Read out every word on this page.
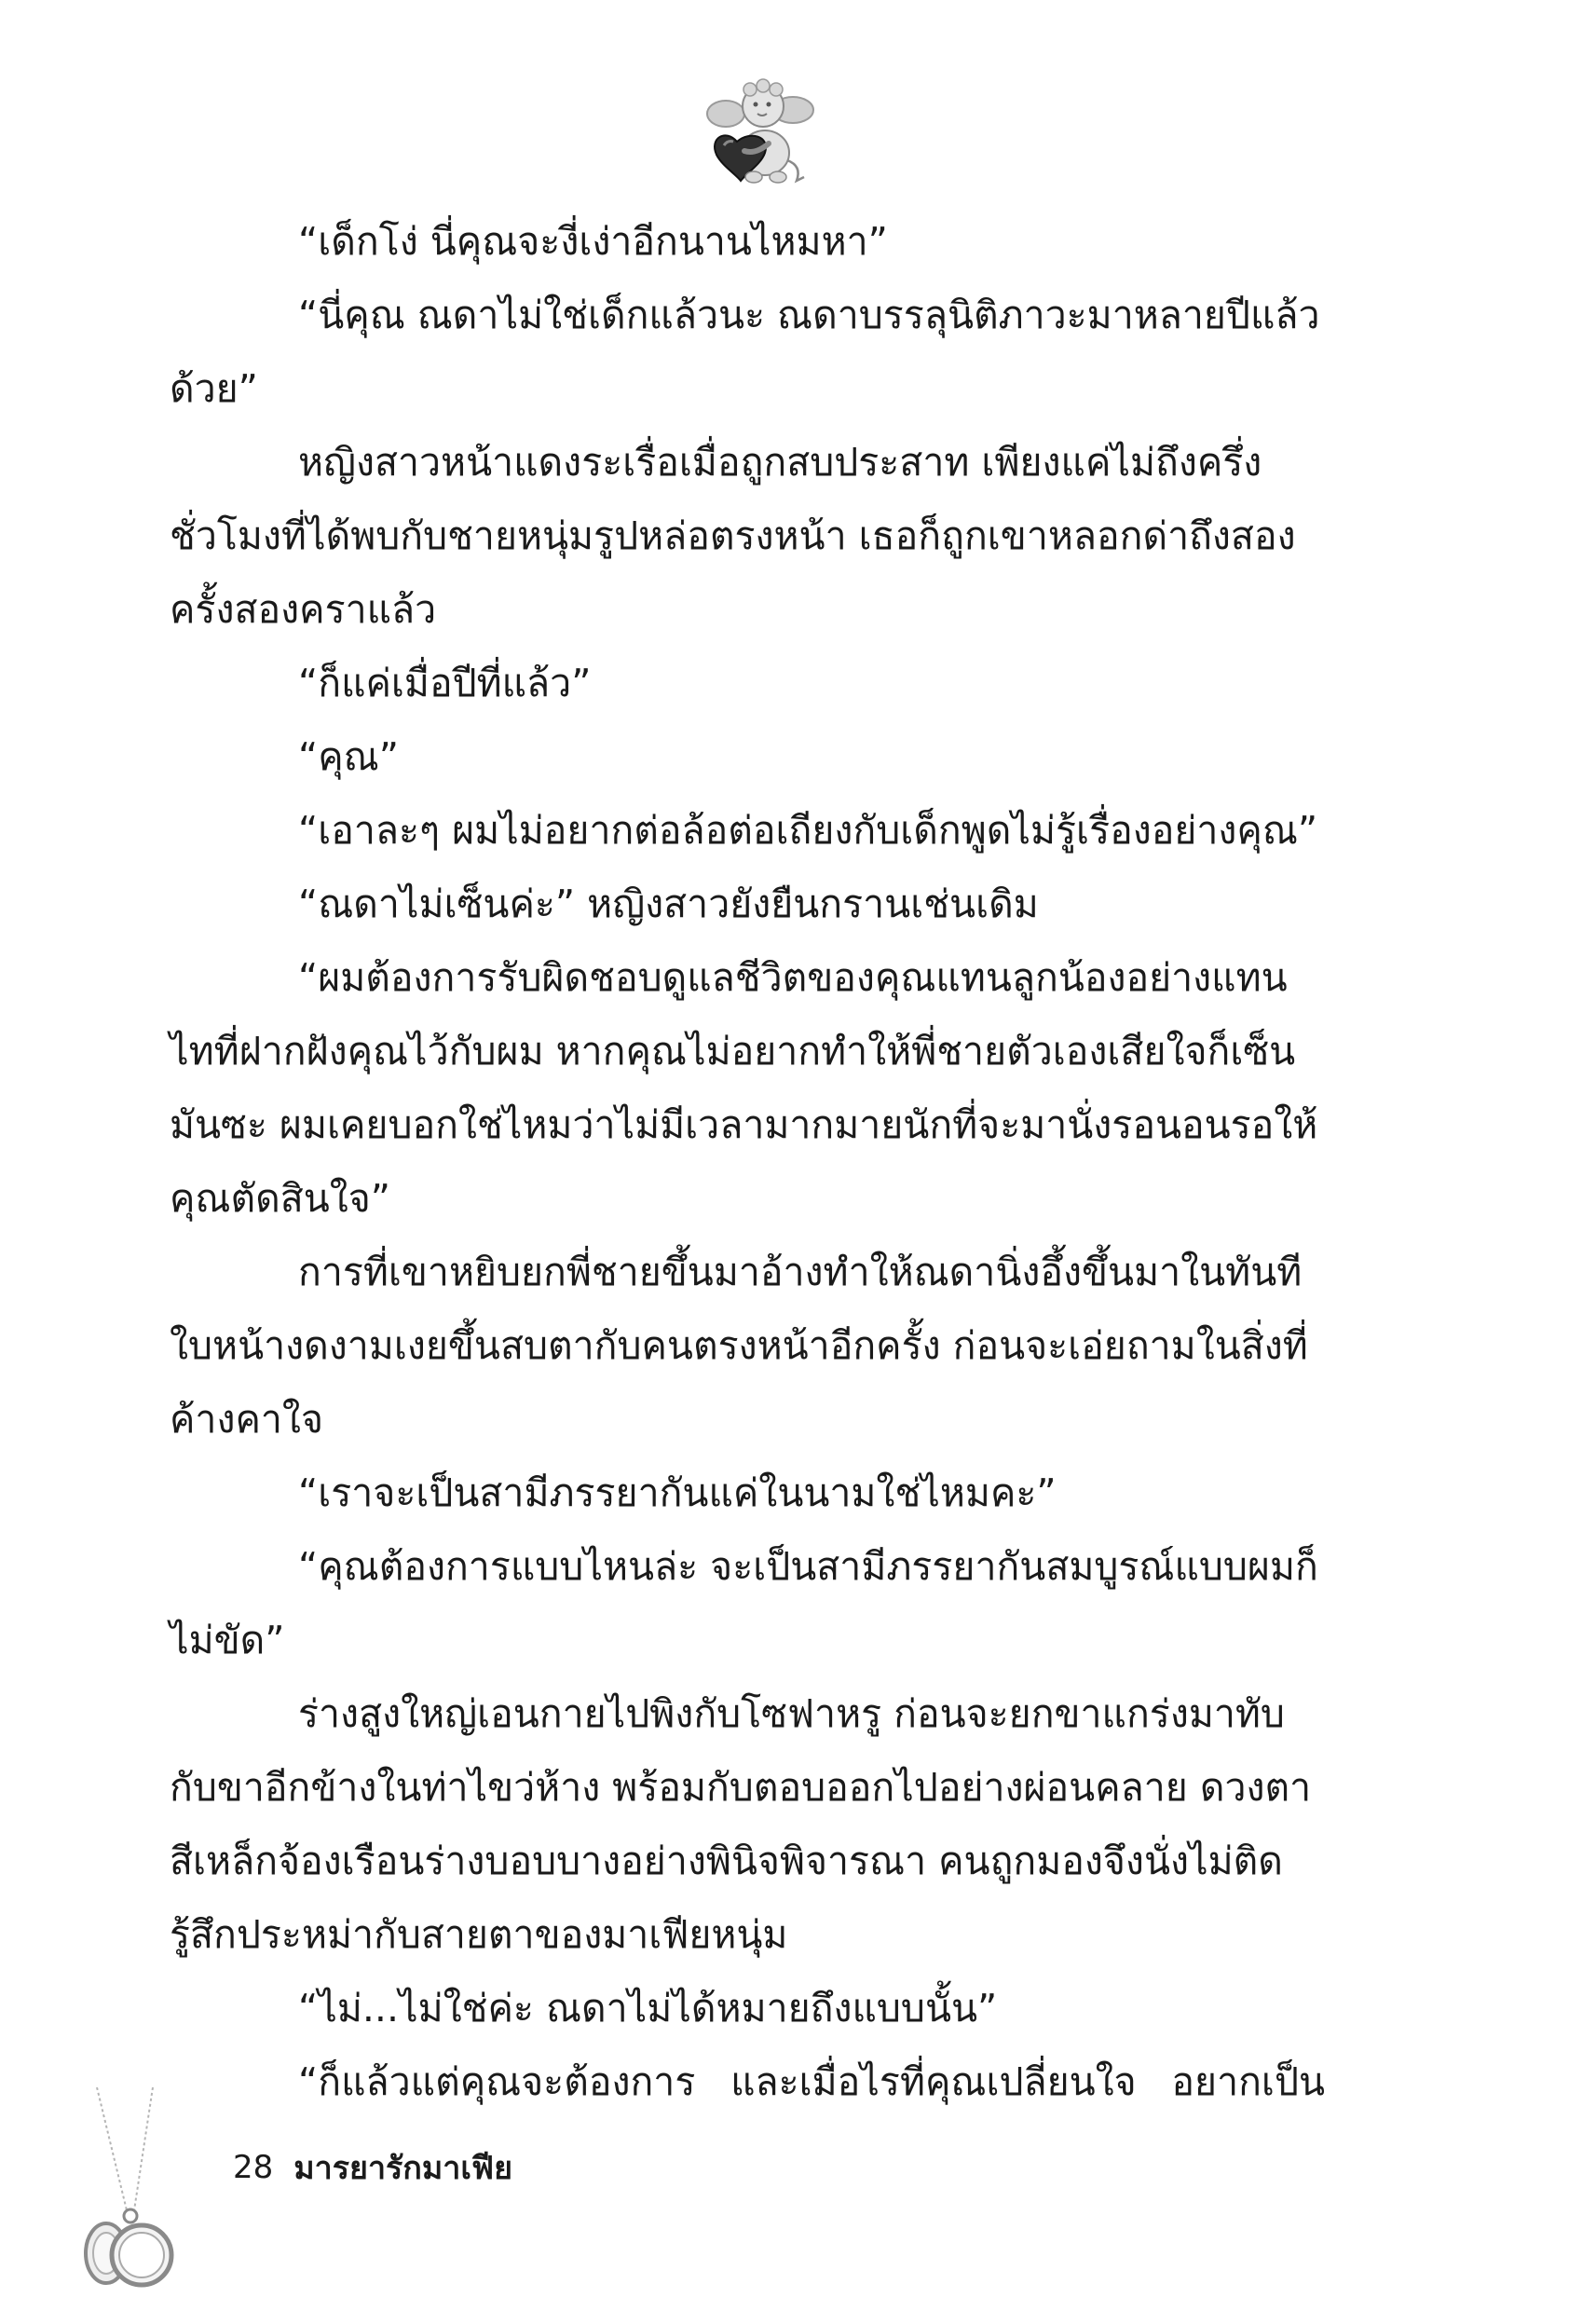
“เด็กโง่ นี่คุณจะงี่เง่าอีกนานไหมหา”

“นี่คุณ ณดาไม่ใช่เด็กแล้วนะ ณดาบรรลุนิติภาวะมาหลายปีแล้วด้วย”

หญิงสาวหน้าแดงระเรื่อเมื่อถูกสบประสาท เพียงแค่ไม่ถึงครึ่งชั่วโมงที่ได้พบกับชายหนุ่มรูปหล่อตรงหน้า เธอก็ถูกเขาหลอกด่าถึงสองครั้งสองคราแล้ว

“ก็แค่เมื่อปีที่แล้ว”

“คุณ”

“เอาละๆ ผมไม่อยากต่อล้อต่อเถียงกับเด็กพูดไม่รู้เรื่องอย่างคุณ”

“ณดาไม่เซ็นค่ะ” หญิงสาวยังยืนกรานเช่นเดิม

“ผมต้องการรับผิดชอบดูแลชีวิตของคุณแทนลูกน้องอย่างแทนไทที่ฝากฝังคุณไว้กับผม หากคุณไม่อยากทำให้พี่ชายตัวเองเสียใจก็เซ็นมันซะ ผมเคยบอกใช่ไหมว่าไม่มีเวลามากมายนักที่จะมานั่งรอนอนรอให้คุณตัดสินใจ”

การที่เขาหยิบยกพี่ชายขึ้นมาอ้างทำให้ณดานิ่งอึ้งขึ้นมาในทันทีใบหน้างดงามเงยขึ้นสบตากับคนตรงหน้าอีกครั้ง ก่อนจะเอ่ยถามในสิ่งที่ค้างคาใจ

“เราจะเป็นสามีภรรยากันแค่ในนามใช่ไหมคะ”

“คุณต้องการแบบไหนล่ะ จะเป็นสามีภรรยากันสมบูรณ์แบบผมก็ไม่ขัด”

ร่างสูงใหญ่เอนกายไปพิงกับโซฟาหรู ก่อนจะยกขาแกร่งมาทับกับขาอีกข้างในท่าไขว่ห้าง พร้อมกับตอบออกไปอย่างผ่อนคลาย ดวงตาสีเหล็กจ้องเรือนร่างบอบบางอย่างพินิจพิจารณา คนถูกมองจึงนั่งไม่ติดรู้สึกประหม่ากับสายตาของมาเฟียหนุ่ม

“ไม่...ไม่ใช่ค่ะ ณดาไม่ได้หมายถึงแบบนั้น”

“ก็แล้วแต่คุณจะต้องการ และเมื่อไรที่คุณเปลี่ยนใจ อยากเป็น

28 มารยารักมาเฟีย
